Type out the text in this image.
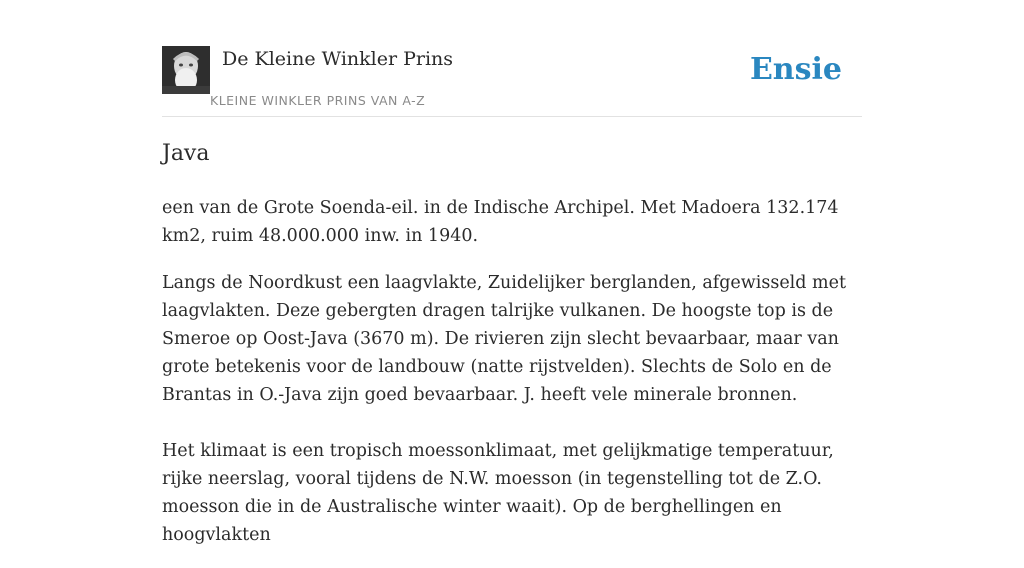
De Kleine Winkler Prins
KLEINE WINKLER PRINS VAN A-Z
Ensie
Java

een van de Grote Soenda-eil. in de Indische Archipel. Met Madoera 132.174 km2, ruim 48.000.000 inw. in 1940.

Langs de Noordkust een laagvlakte, Zuidelijker berglanden, afgewisseld met laagvlakten. Deze gebergten dragen talrijke vulkanen. De hoogste top is de Smeroe op Oost-Java (3670 m). De rivieren zijn slecht bevaarbaar, maar van grote betekenis voor de landbouw (natte rijstvelden). Slechts de Solo en de Brantas in O.-Java zijn goed bevaarbaar. J. heeft vele minerale bronnen.

Het klimaat is een tropisch moessonklimaat, met gelijkmatige temperatuur, rijke neerslag, vooral tijdens de N.W. moesson (in tegenstelling tot de Z.O. moesson die in de Australische winter waait). Op de berghellingen en hoogvlakten
